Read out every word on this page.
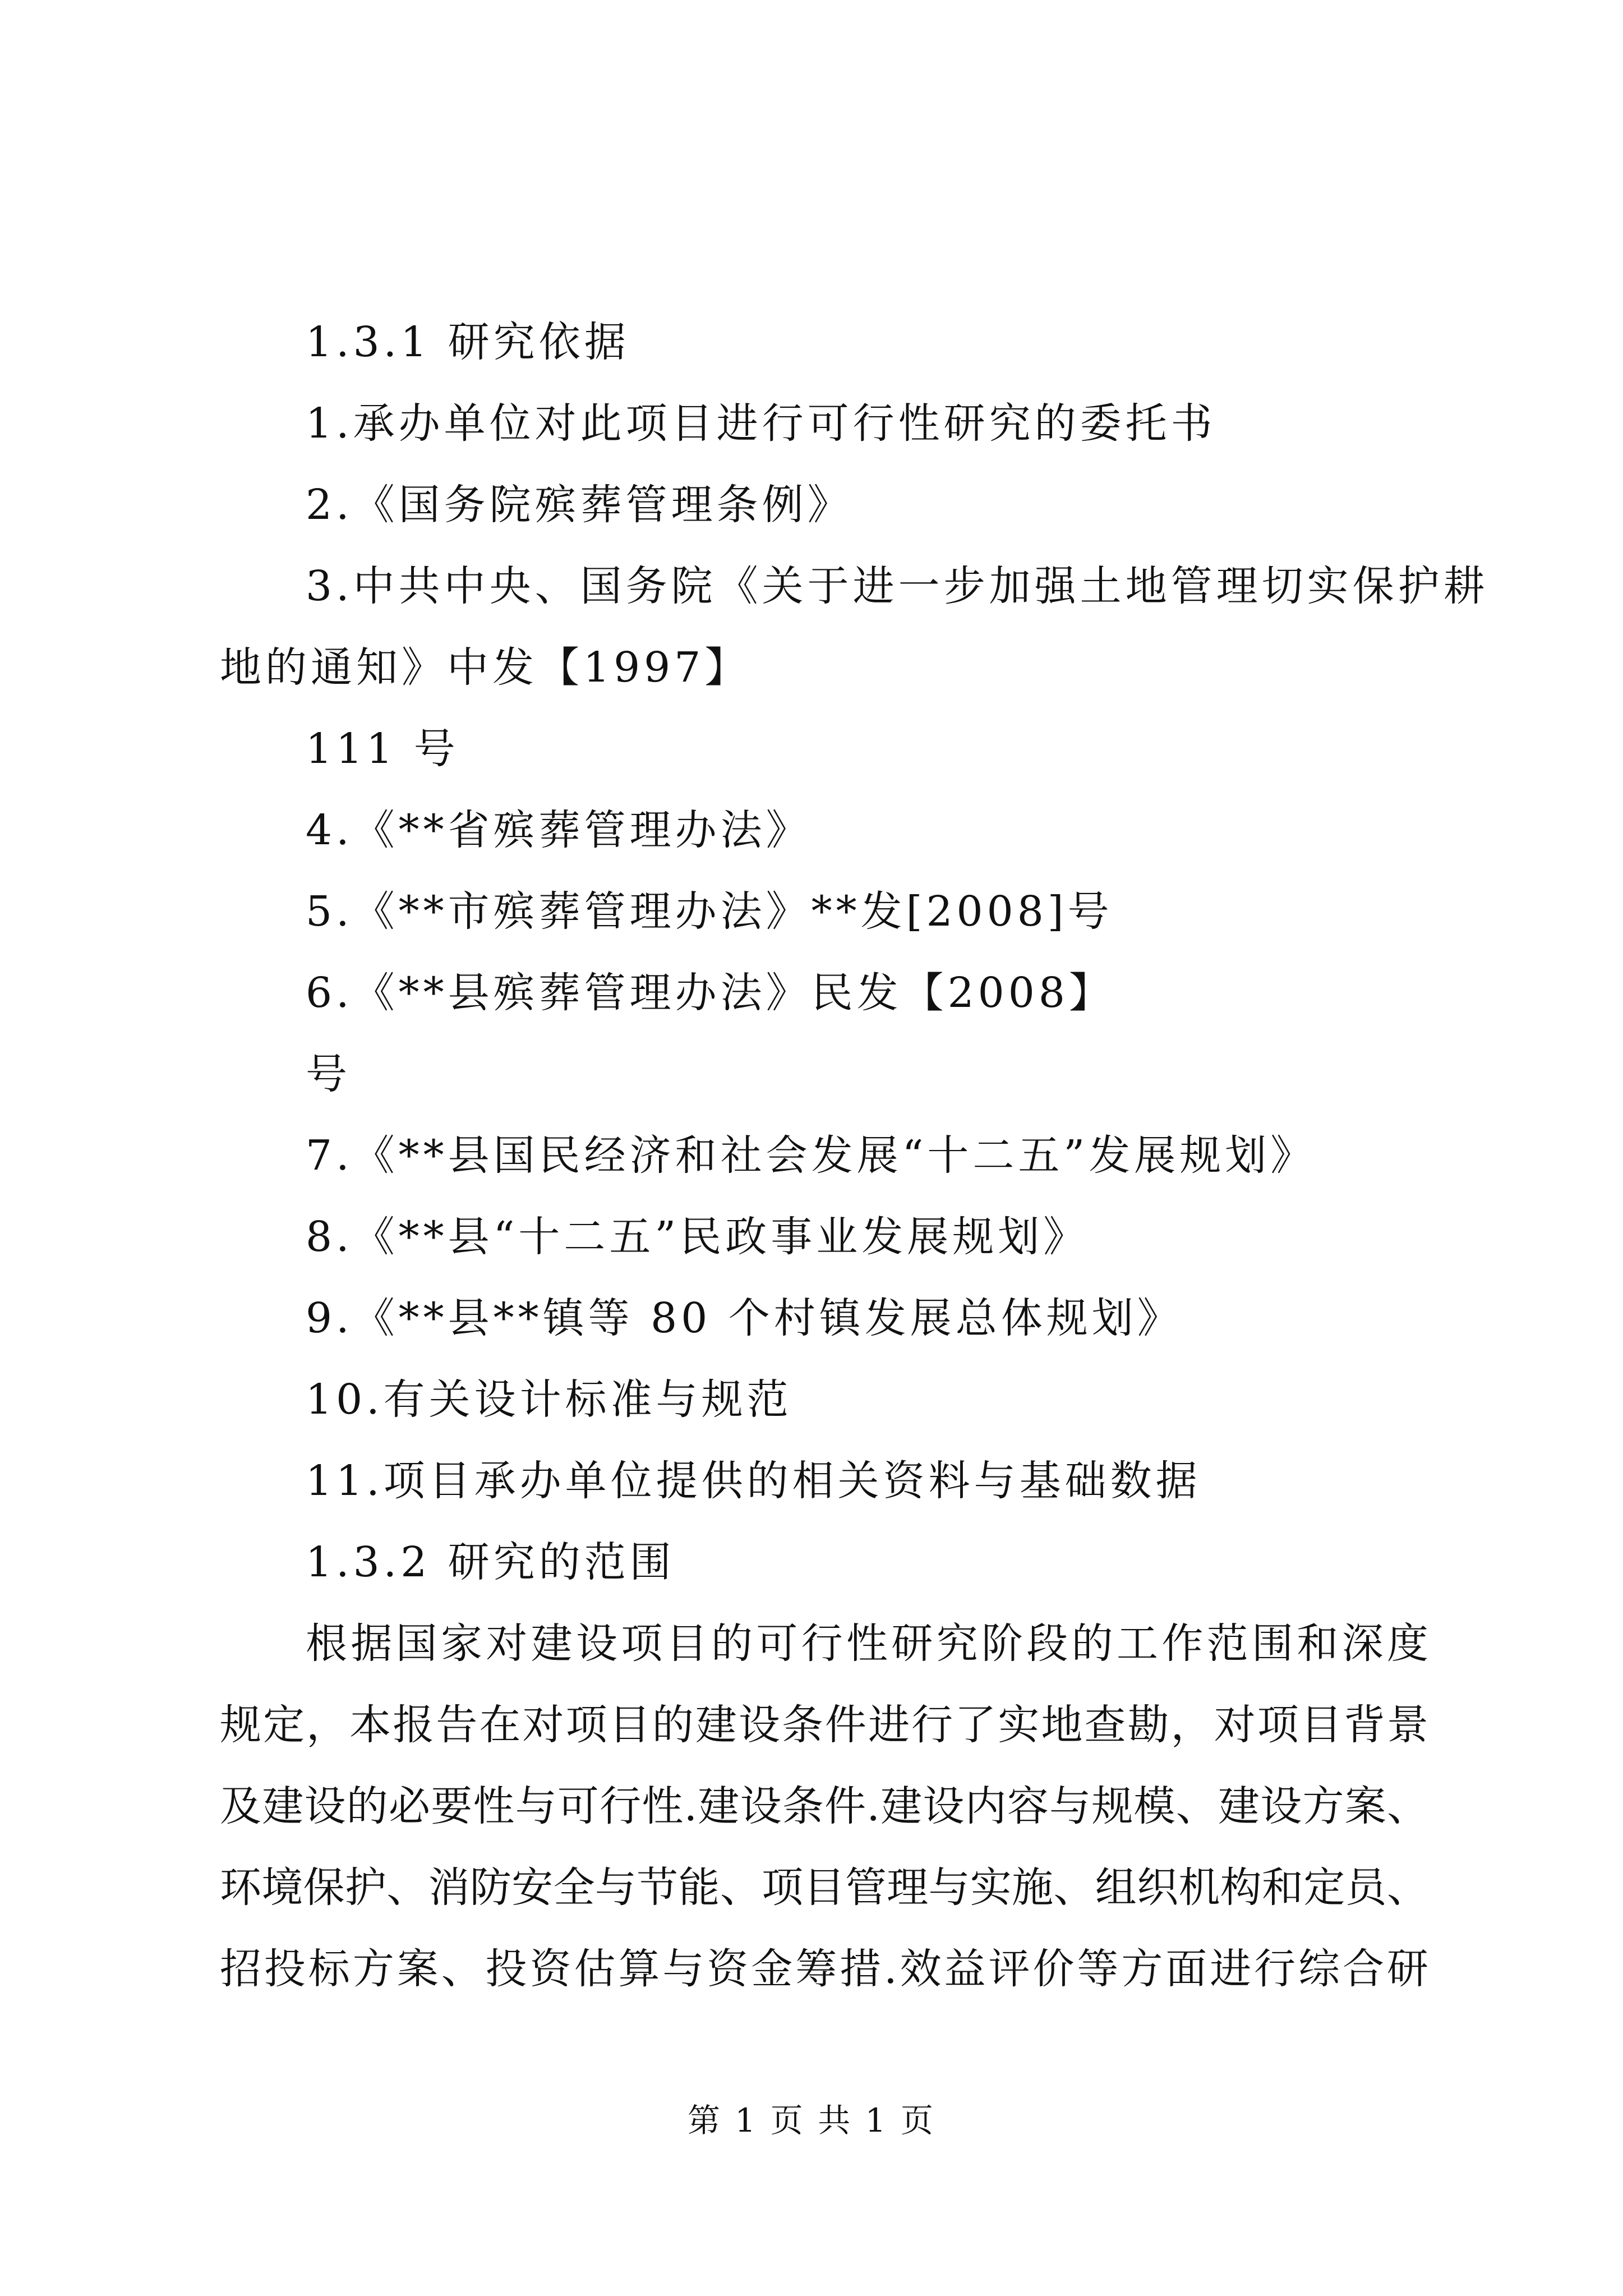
1.3.1 研究依据
1.承办单位对此项目进行可行性研究的委托书
2.《国务院殡葬管理条例》
3.中共中央、国务院《关于进一步加强土地管理切实保护耕
地的通知》中发【1997】
111 号
4.《**省殡葬管理办法》
5.《**市殡葬管理办法》**发[2008]号
6.《**县殡葬管理办法》民发【2008】
号
7.《**县国民经济和社会发展“十二五”发展规划》
8.《**县“十二五”民政事业发展规划》
9.《**县**镇等 80 个村镇发展总体规划》
10.有关设计标准与规范
11.项目承办单位提供的相关资料与基础数据
1.3.2 研究的范围
根据国家对建设项目的可行性研究阶段的工作范围和深度
规定，本报告在对项目的建设条件进行了实地查勘，对项目背景
及建设的必要性与可行性.建设条件.建设内容与规模、建设方案、
环境保护、消防安全与节能、项目管理与实施、组织机构和定员、
招投标方案、投资估算与资金筹措.效益评价等方面进行综合研
第 1 页 共 1 页
